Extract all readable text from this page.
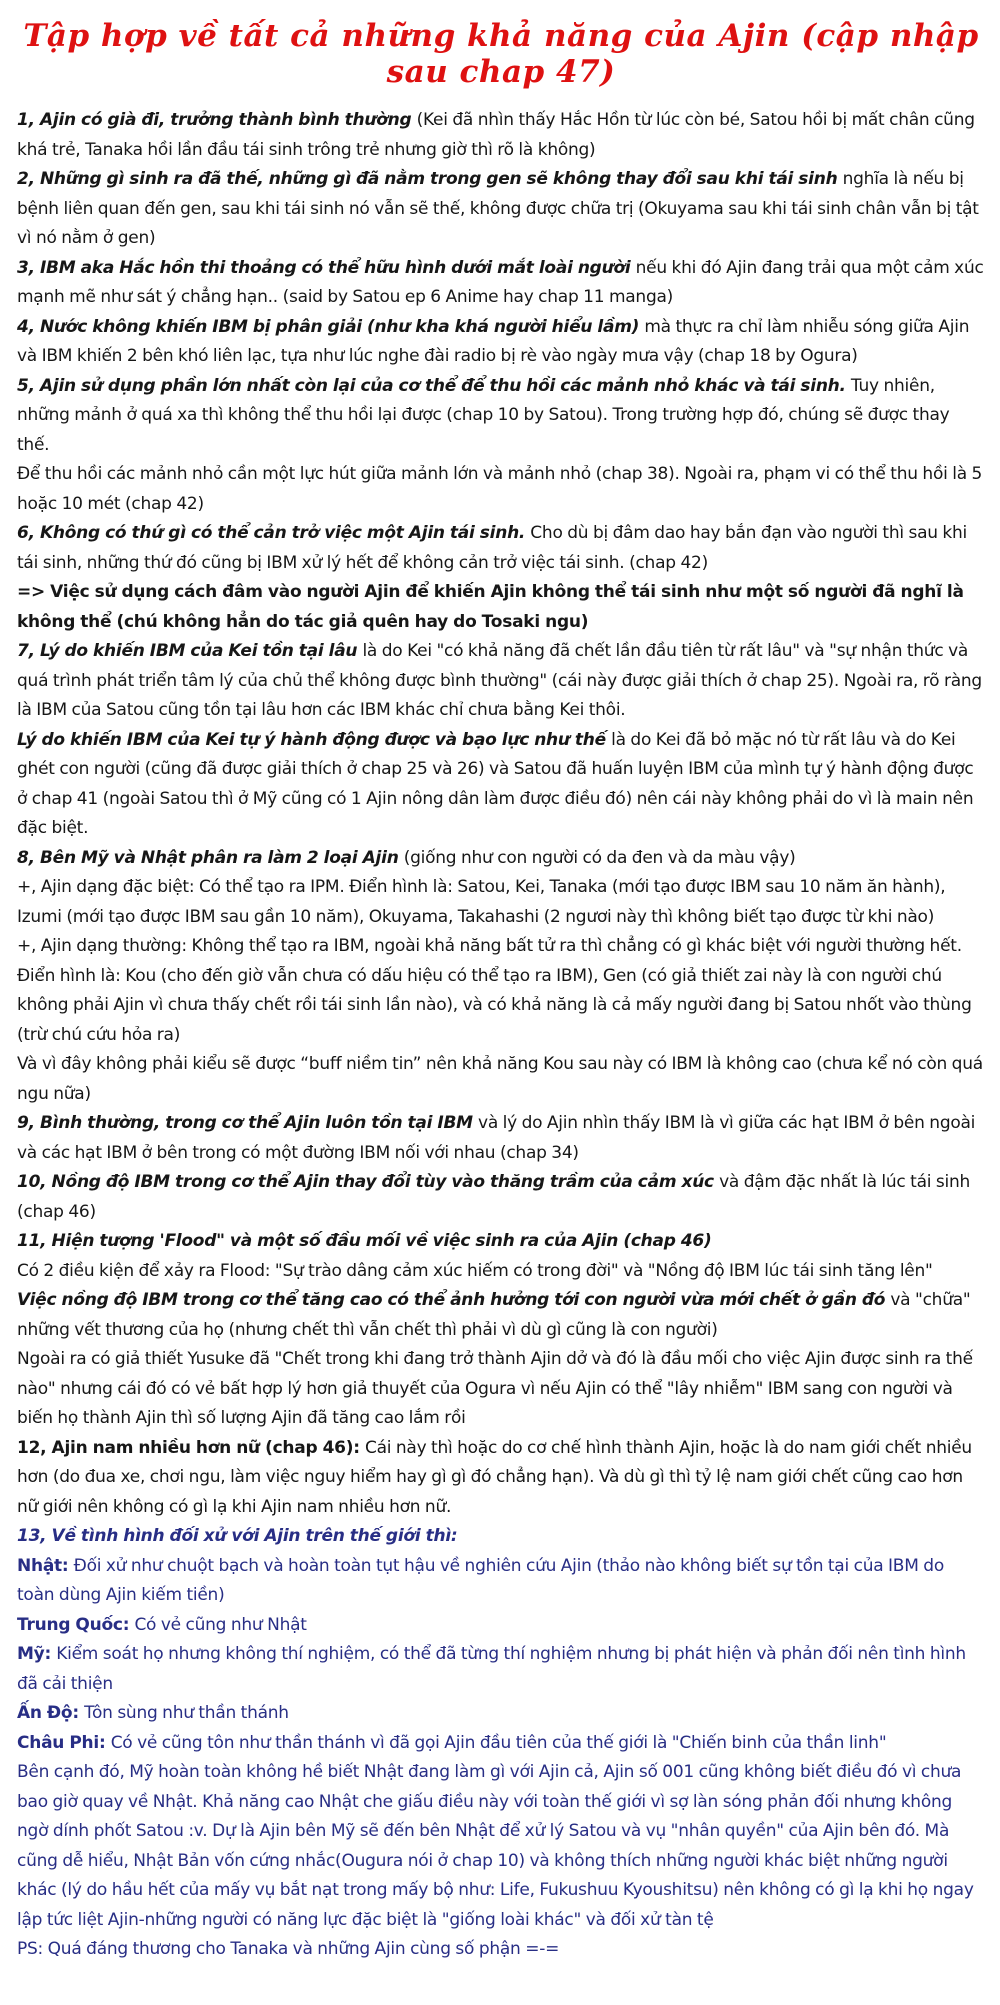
Tập hợp về tất cả những khả năng của Ajin (cập nhập sau chap 47)

1, Ajin có già đi, trưởng thành bình thường (Kei đã nhìn thấy Hắc Hồn từ lúc còn bé, Satou hồi bị mất chân cũng khá trẻ, Tanaka hồi lần đầu tái sinh trông trẻ nhưng giờ thì rõ là không)

2, Những gì sinh ra đã thế, những gì đã nằm trong gen sẽ không thay đổi sau khi tái sinh nghĩa là nếu bị bệnh liên quan đến gen, sau khi tái sinh nó vẫn sẽ thế, không được chữa trị (Okuyama sau khi tái sinh chân vẫn bị tật vì nó nằm ở gen)

3, IBM aka Hắc hồn thi thoảng có thể hữu hình dưới mắt loài người nếu khi đó Ajin đang trải qua một cảm xúc mạnh mẽ như sát ý chẳng hạn.. (said by Satou ep 6 Anime hay chap 11 manga)

4, Nước không khiến IBM bị phân giải (như kha khá người hiểu lầm) mà thực ra chỉ làm nhiễu sóng giữa Ajin và IBM khiến 2 bên khó liên lạc, tựa như lúc nghe đài radio bị rè vào ngày mưa vậy (chap 18 by Ogura)

5, Ajin sử dụng phần lớn nhất còn lại của cơ thể để thu hồi các mảnh nhỏ khác và tái sinh. Tuy nhiên, những mảnh ở quá xa thì không thể thu hồi lại được (chap 10 by Satou). Trong trường hợp đó, chúng sẽ được thay thế.

Để thu hồi các mảnh nhỏ cần một lực hút giữa mảnh lớn và mảnh nhỏ (chap 38). Ngoài ra, phạm vi có thể thu hồi là 5 hoặc 10 mét (chap 42)

6, Không có thứ gì có thể cản trở việc một Ajin tái sinh. Cho dù bị đâm dao hay bắn đạn vào người thì sau khi tái sinh, những thứ đó cũng bị IBM xử lý hết để không cản trở việc tái sinh. (chap 42)

=> Việc sử dụng cách đâm vào người Ajin để khiến Ajin không thể tái sinh như một số người đã nghĩ là không thể (chú không hẳn do tác giả quên hay do Tosaki ngu)

7, Lý do khiến IBM của Kei tồn tại lâu là do Kei "có khả năng đã chết lần đầu tiên từ rất lâu" và "sự nhận thức và quá trình phát triển tâm lý của chủ thể không được bình thường" (cái này được giải thích ở chap 25). Ngoài ra, rõ ràng là IBM của Satou cũng tồn tại lâu hơn các IBM khác chỉ chưa bằng Kei thôi.

Lý do khiến IBM của Kei tự ý hành động được và bạo lực như thế là do Kei đã bỏ mặc nó từ rất lâu và do Kei ghét con người (cũng đã được giải thích ở chap 25 và 26) và Satou đã huấn luyện IBM của mình tự ý hành động được ở chap 41 (ngoài Satou thì ở Mỹ cũng có 1 Ajin nông dân làm được điều đó) nên cái này không phải do vì là main nên đặc biệt.

8, Bên Mỹ và Nhật phân ra làm 2 loại Ajin (giống như con người có da đen và da màu vậy)

+, Ajin dạng đặc biệt: Có thể tạo ra IPM. Điển hình là: Satou, Kei, Tanaka (mới tạo được IBM sau 10 năm ăn hành), Izumi (mới tạo được IBM sau gần 10 năm), Okuyama, Takahashi (2 ngươi này thì không biết tạo được từ khi nào)

+, Ajin dạng thường: Không thể tạo ra IBM, ngoài khả năng bất tử ra thì chẳng có gì khác biệt với người thường hết. Điển hình là: Kou (cho đến giờ vẫn chưa có dấu hiệu có thể tạo ra IBM), Gen (có giả thiết zai này là con người chú không phải Ajin vì chưa thấy chết rồi tái sinh lần nào), và có khả năng là cả mấy người đang bị Satou nhốt vào thùng (trừ chú cứu hỏa ra)

Và vì đây không phải kiểu sẽ được “buff niềm tin” nên khả năng Kou sau này có IBM là không cao (chưa kể nó còn quá ngu nữa)

9, Bình thường, trong cơ thể Ajin luôn tồn tại IBM và lý do Ajin nhìn thấy IBM là vì giữa các hạt IBM ở bên ngoài và các hạt IBM ở bên trong có một đường IBM nối với nhau (chap 34)

10, Nồng độ IBM trong cơ thể Ajin thay đổi tùy vào thăng trầm của cảm xúc và đậm đặc nhất là lúc tái sinh (chap 46)

11, Hiện tượng 'Flood" và một số đầu mối về việc sinh ra của Ajin (chap 46)

Có 2 điều kiện để xảy ra Flood: "Sự trào dâng cảm xúc hiếm có trong đời" và "Nồng độ IBM lúc tái sinh tăng lên"

Việc nồng độ IBM trong cơ thể tăng cao có thể ảnh hưởng tới con người vừa mới chết ở gần đó và "chữa" những vết thương của họ (nhưng chết thì vẫn chết thì phải vì dù gì cũng là con người)

Ngoài ra có giả thiết Yusuke đã "Chết trong khi đang trở thành Ajin dở và đó là đầu mối cho việc Ajin được sinh ra thế nào" nhưng cái đó có vẻ bất hợp lý hơn giả thuyết của Ogura vì nếu Ajin có thể "lây nhiễm" IBM sang con người và biến họ thành Ajin thì số lượng Ajin đã tăng cao lắm rồi

12, Ajin nam nhiều hơn nữ (chap 46): Cái này thì hoặc do cơ chế hình thành Ajin, hoặc là do nam giới chết nhiều hơn (do đua xe, chơi ngu, làm việc nguy hiểm hay gì gì đó chẳng hạn). Và dù gì thì tỷ lệ nam giới chết cũng cao hơn nữ giới nên không có gì lạ khi Ajin nam nhiều hơn nữ.

13, Về tình hình đối xử với Ajin trên thế giới thì:

Nhật: Đối xử như chuột bạch và hoàn toàn tụt hậu về nghiên cứu Ajin (thảo nào không biết sự tồn tại của IBM do toàn dùng Ajin kiếm tiền)

Trung Quốc: Có vẻ cũng như Nhật

Mỹ: Kiểm soát họ nhưng không thí nghiệm, có thể đã từng thí nghiệm nhưng bị phát hiện và phản đối nên tình hình đã cải thiện

Ấn Độ: Tôn sùng như thần thánh

Châu Phi: Có vẻ cũng tôn như thần thánh vì đã gọi Ajin đầu tiên của thế giới là "Chiến binh của thần linh"

Bên cạnh đó, Mỹ hoàn toàn không hề biết Nhật đang làm gì với Ajin cả, Ajin số 001 cũng không biết điều đó vì chưa bao giờ quay về Nhật. Khả năng cao Nhật che giấu điều này với toàn thế giới vì sợ làn sóng phản đối nhưng không ngờ dính phốt Satou :v. Dự là Ajin bên Mỹ sẽ đến bên Nhật để xử lý Satou và vụ "nhân quyền" của Ajin bên đó. Mà cũng dễ hiểu, Nhật Bản vốn cứng nhắc(Ougura nói ở chap 10) và không thích những người khác biệt những người khác (lý do hầu hết của mấy vụ bắt nạt trong mấy bộ như: Life, Fukushuu Kyoushitsu) nên không có gì lạ khi họ ngay lập tức liệt Ajin-những người có năng lực đặc biệt là "giống loài khác" và đối xử tàn tệ

PS: Quá đáng thương cho Tanaka và những Ajin cùng số phận =-=
